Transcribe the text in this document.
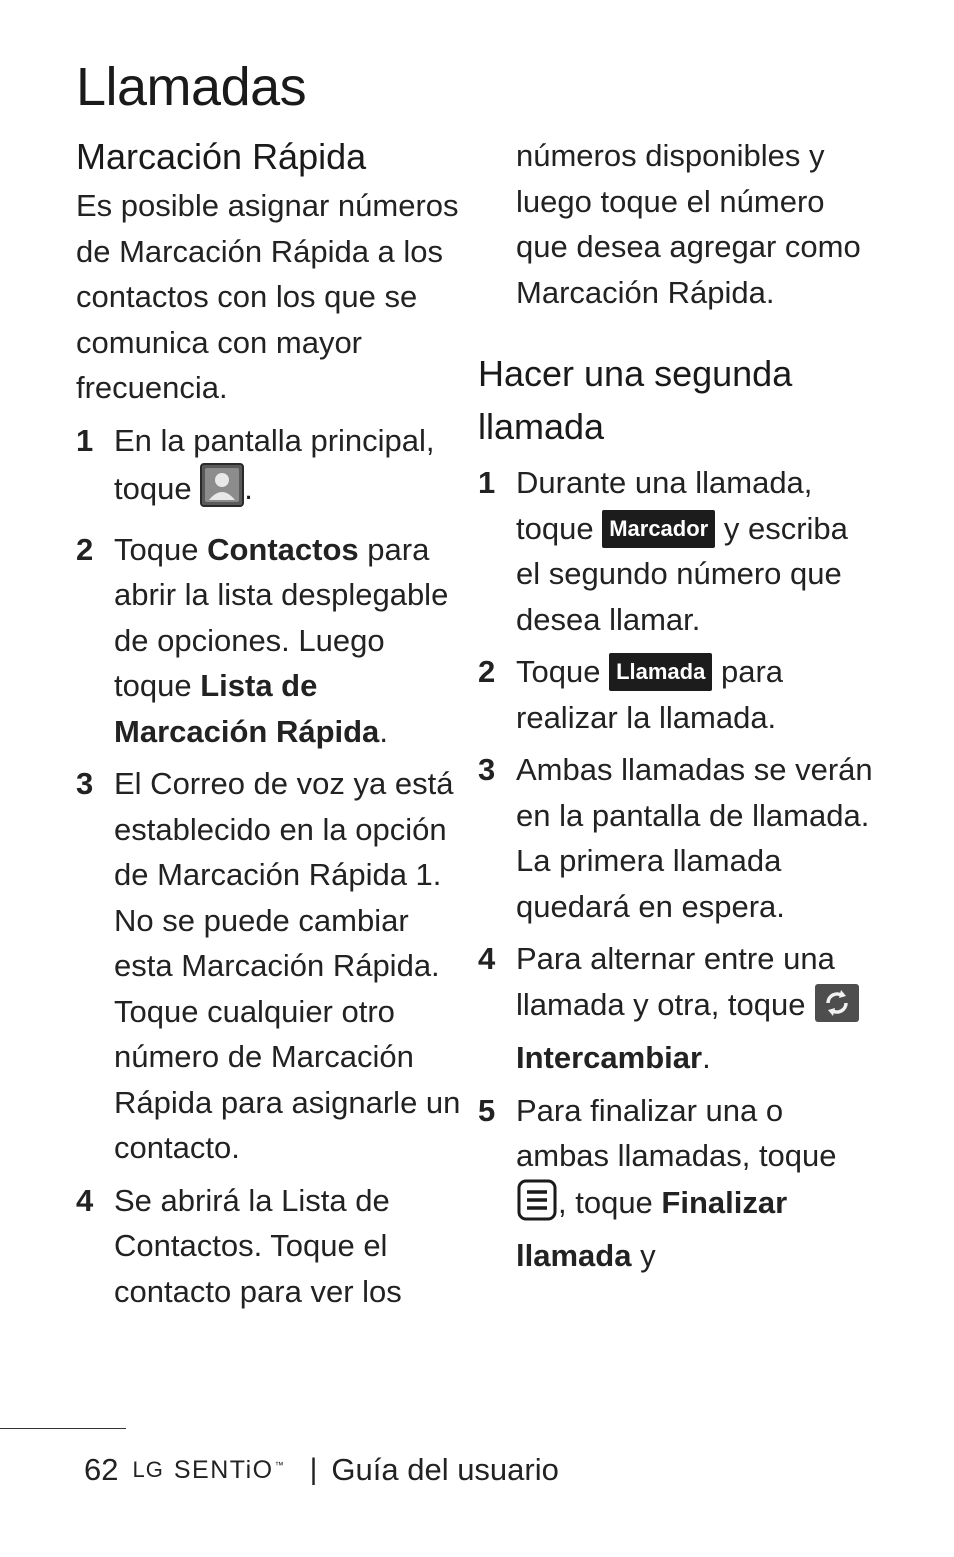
Llamadas
Marcación Rápida

Es posible asignar números de Marcación Rápida a los contactos con los que se comunica con mayor frecuencia.

1 En la pantalla principal, toque .
2 Toque Contactos para abrir la lista desplegable de opciones. Luego toque Lista de Marcación Rápida.
3 El Correo de voz ya está establecido en la opción de Marcación Rápida 1. No se puede cambiar esta Marcación Rápida. Toque cualquier otro número de Marcación Rápida para asignarle un contacto.
4 Se abrirá la Lista de Contactos. Toque el contacto para ver los

números disponibles y luego toque el número que desea agregar como Marcación Rápida.

Hacer una segunda llamada
1 Durante una llamada, toque Marcador y escriba el segundo número que desea llamar.
2 Toque Llamada para realizar la llamada.
3 Ambas llamadas se verán en la pantalla de llamada. La primera llamada quedará en espera.
4 Para alternar entre una llamada y otra, toque  Intercambiar.
5 Para finalizar una o ambas llamadas, toque , toque Finalizar llamada y
62 LG SENTiO™ | Guía del usuario
